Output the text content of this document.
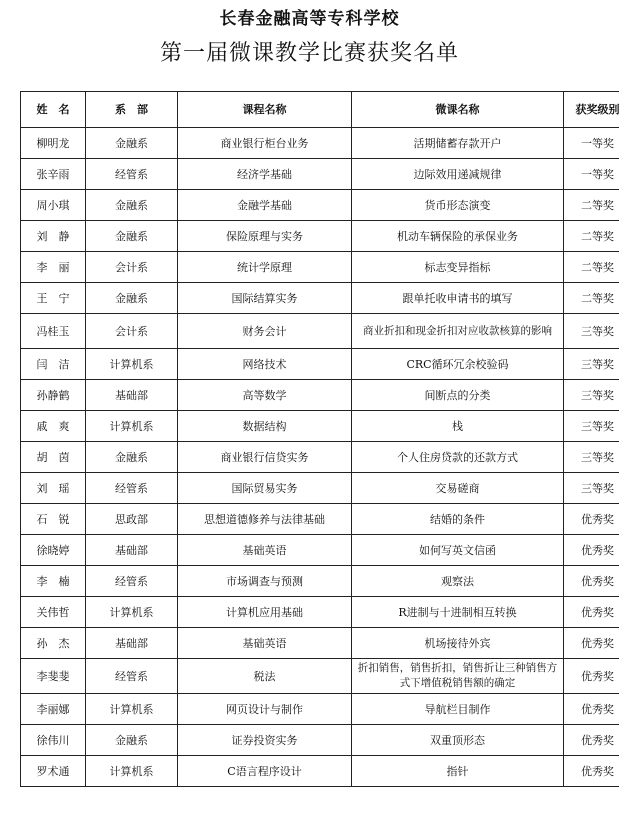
长春金融高等专科学校
第一届微课教学比赛获奖名单
姓　名	系　部	课程名称	微课名称	获奖级别
柳明龙	金融系	商业银行柜台业务	活期储蓄存款开户	一等奖
张辛雨	经管系	经济学基础	边际效用递减规律	一等奖
周小琪	金融系	金融学基础	货币形态演变	二等奖
刘　静	金融系	保险原理与实务	机动车辆保险的承保业务	二等奖
李　丽	会计系	统计学原理	标志变异指标	二等奖
王　宁	金融系	国际结算实务	跟单托收申请书的填写	二等奖
冯桂玉	会计系	财务会计	商业折扣和现金折扣对应收款核算的影响	三等奖
闫　洁	计算机系	网络技术	CRC循环冗余校验码	三等奖
孙静鹤	基础部	高等数学	间断点的分类	三等奖
戚　爽	计算机系	数据结构	栈	三等奖
胡　茵	金融系	商业银行信贷实务	个人住房贷款的还款方式	三等奖
刘　瑶	经管系	国际贸易实务	交易磋商	三等奖
石　锐	思政部	思想道德修养与法律基础	结婚的条件	优秀奖
徐晓婷	基础部	基础英语	如何写英文信函	优秀奖
李　楠	经管系	市场调查与预测	观察法	优秀奖
关伟哲	计算机系	计算机应用基础	R进制与十进制相互转换	优秀奖
孙　杰	基础部	基础英语	机场接待外宾	优秀奖
李斐斐	经管系	税法	折扣销售，销售折扣，销售折让三种销售方式下增值税销售额的确定	优秀奖
李丽娜	计算机系	网页设计与制作	导航栏目制作	优秀奖
徐伟川	金融系	证券投资实务	双重顶形态	优秀奖
罗术通	计算机系	C语言程序设计	指针	优秀奖
